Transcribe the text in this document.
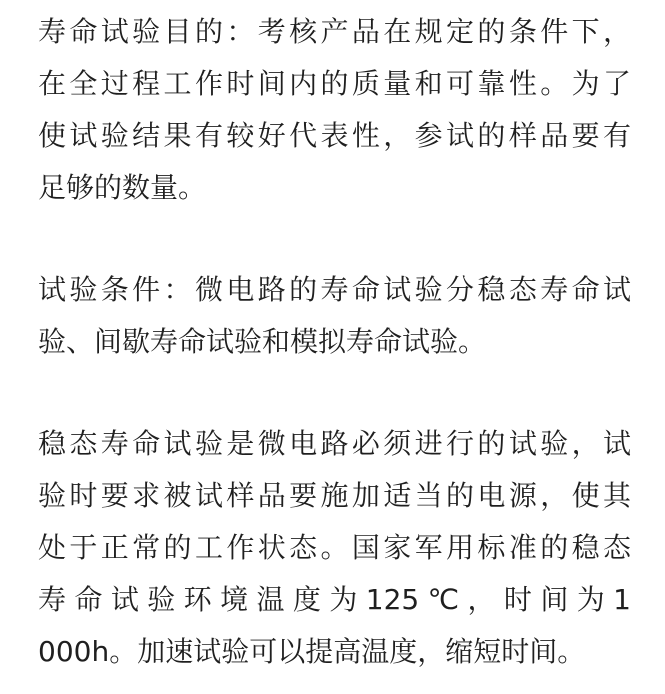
寿命试验目的：考核产品在规定的条件下，
在全过程工作时间内的质量和可靠性。为了
使试验结果有较好代表性，参试的样品要有
足够的数量。
试验条件：微电路的寿命试验分稳态寿命试
验、间歇寿命试验和模拟寿命试验。
稳态寿命试验是微电路必须进行的试验，试
验时要求被试样品要施加适当的电源，使其
处于正常的工作状态。国家军用标准的稳态
寿命试验环境温度为125℃，时间为1
000h。加速试验可以提高温度，缩短时间。
